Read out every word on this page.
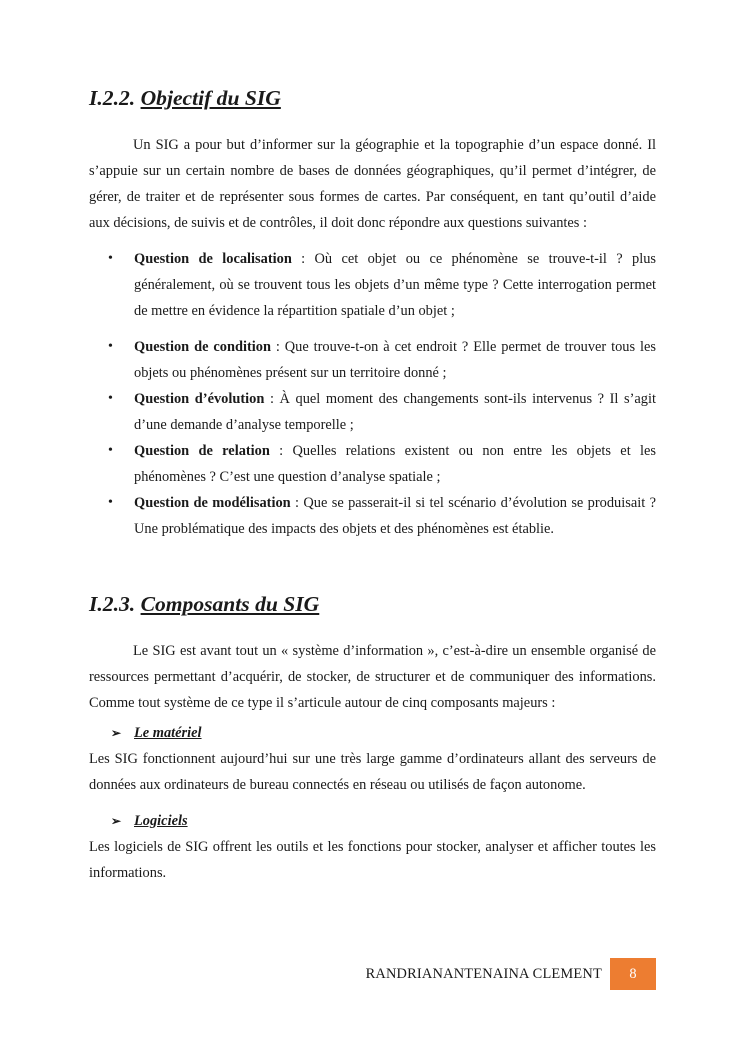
I.2.2. Objectif du SIG

Un SIG a pour but d’informer sur la géographie et la topographie d’un espace donné. Il s’appuie sur un certain nombre de bases de données géographiques, qu’il permet d’intégrer, de gérer, de traiter et de représenter sous formes de cartes. Par conséquent, en tant qu’outil d’aide aux décisions, de suivis et de contrôles, il doit donc répondre aux questions suivantes :

• Question de localisation : Où cet objet ou ce phénomène se trouve-t-il ? plus généralement, où se trouvent tous les objets d’un même type ? Cette interrogation permet de mettre en évidence la répartition spatiale d’un objet ;
• Question de condition : Que trouve-t-on à cet endroit ? Elle permet de trouver tous les objets ou phénomènes présent sur un territoire donné ;
• Question d’évolution : À quel moment des changements sont-ils intervenus ? Il s’agit d’une demande d’analyse temporelle ;
• Question de relation : Quelles relations existent ou non entre les objets et les phénomènes ? C’est une question d’analyse spatiale ;
• Question de modélisation : Que se passerait-il si tel scénario d’évolution se produisait ? Une problématique des impacts des objets et des phénomènes est établie.
I.2.3. Composants du SIG

Le SIG est avant tout un « système d’information », c’est-à-dire un ensemble organisé de ressources permettant d’acquérir, de stocker, de structurer et de communiquer des informations. Comme tout système de ce type il s’articule autour de cinq composants majeurs :

➢ Le matériel

Les SIG fonctionnent aujourd’hui sur une très large gamme d’ordinateurs allant des serveurs de données aux ordinateurs de bureau connectés en réseau ou utilisés de façon autonome.

➢ Logiciels

Les logiciels de SIG offrent les outils et les fonctions pour stocker, analyser et afficher toutes les informations.

RANDRIANANTENAINA CLEMENT	8
